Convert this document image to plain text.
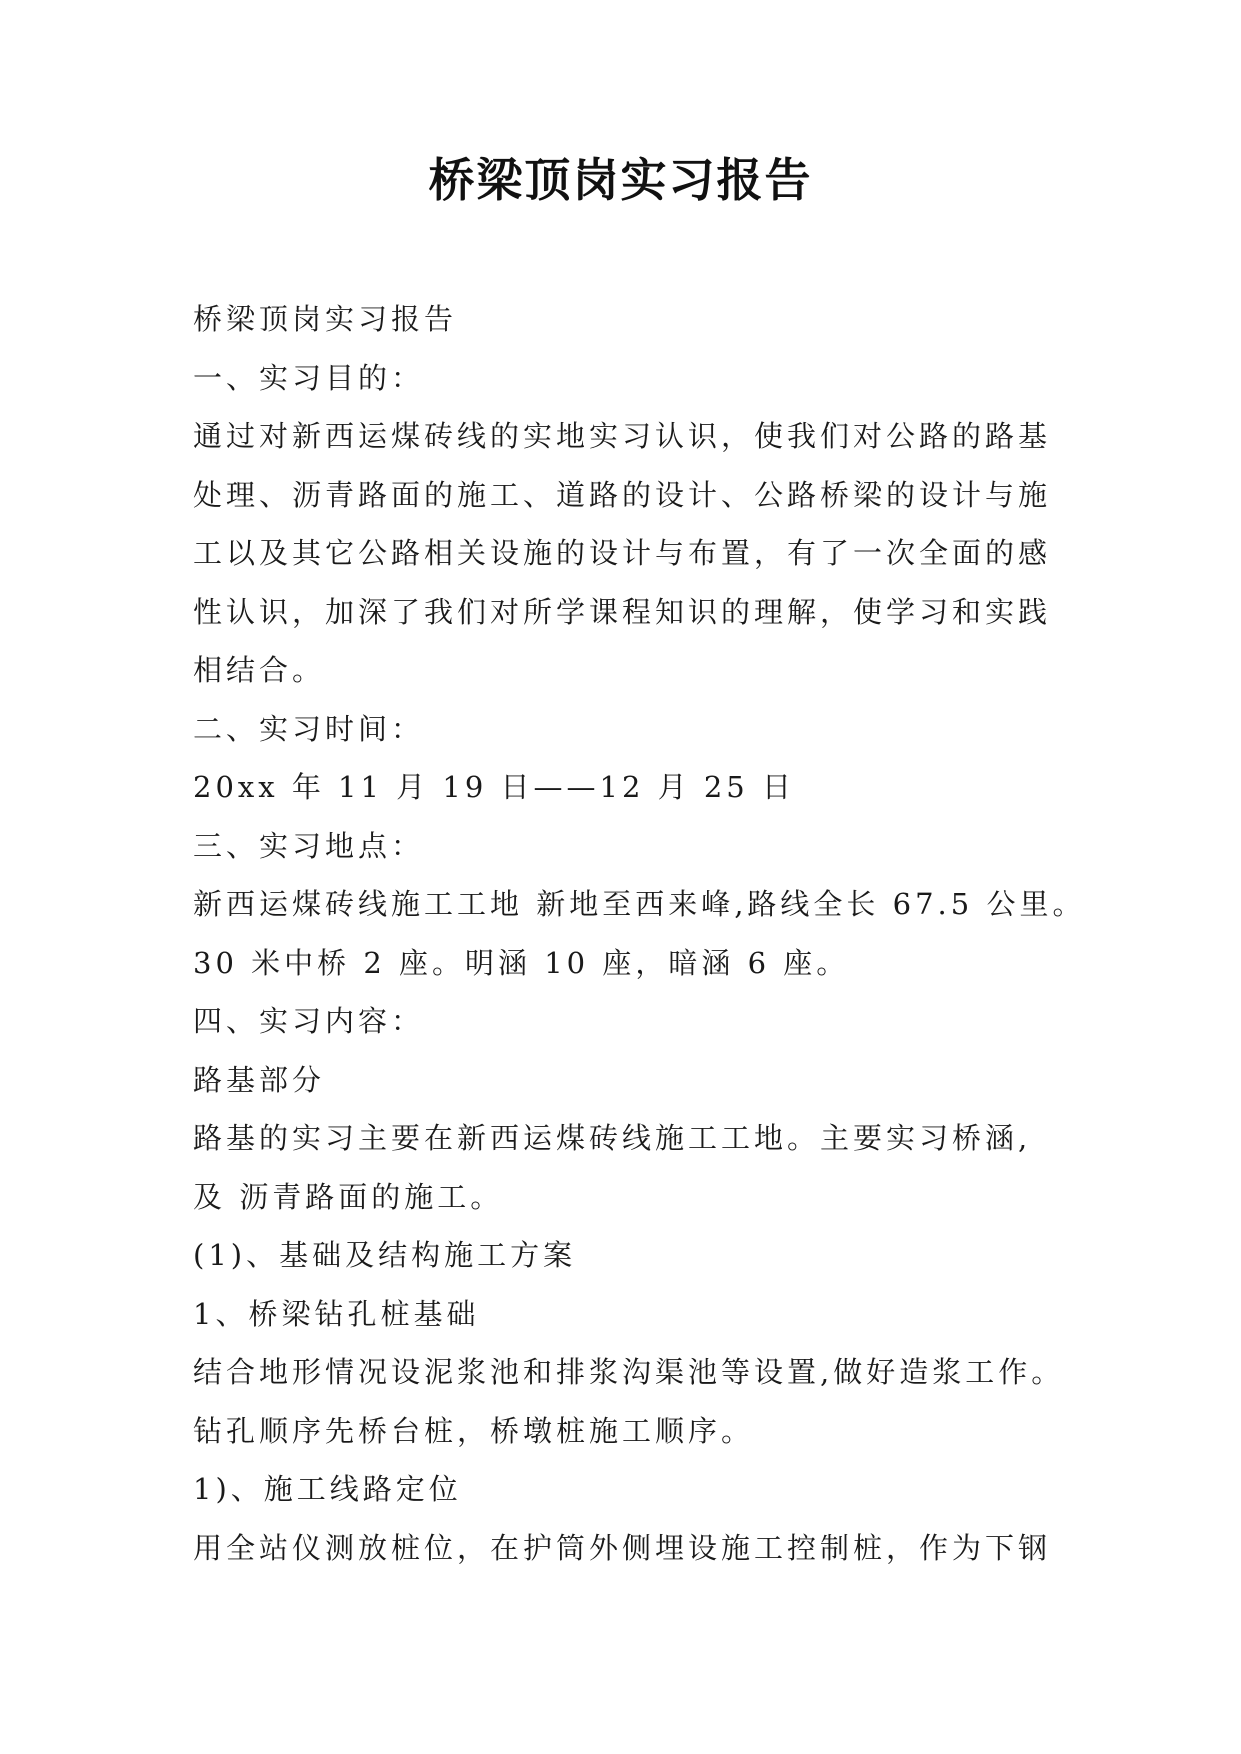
桥梁顶岗实习报告
桥梁顶岗实习报告
一、实习目的：
通过对新西运煤砖线的实地实习认识，使我们对公路的路基
处理、沥青路面的施工、道路的设计、公路桥梁的设计与施
工以及其它公路相关设施的设计与布置，有了一次全面的感
性认识，加深了我们对所学课程知识的理解，使学习和实践
相结合。
二、实习时间：
20xx 年 11 月 19 日——12 月 25 日
三、实习地点：
新西运煤砖线施工工地 新地至西来峰,路线全长 67.5 公里。
30 米中桥 2 座。明涵 10 座，暗涵 6 座。
四、实习内容：
路基部分
路基的实习主要在新西运煤砖线施工工地。主要实习桥涵,
及 沥青路面的施工。
(1)、基础及结构施工方案
1、桥梁钻孔桩基础
结合地形情况设泥浆池和排浆沟渠池等设置,做好造浆工作。
钻孔顺序先桥台桩，桥墩桩施工顺序。
1)、施工线路定位
用全站仪测放桩位，在护筒外侧埋设施工控制桩，作为下钢
